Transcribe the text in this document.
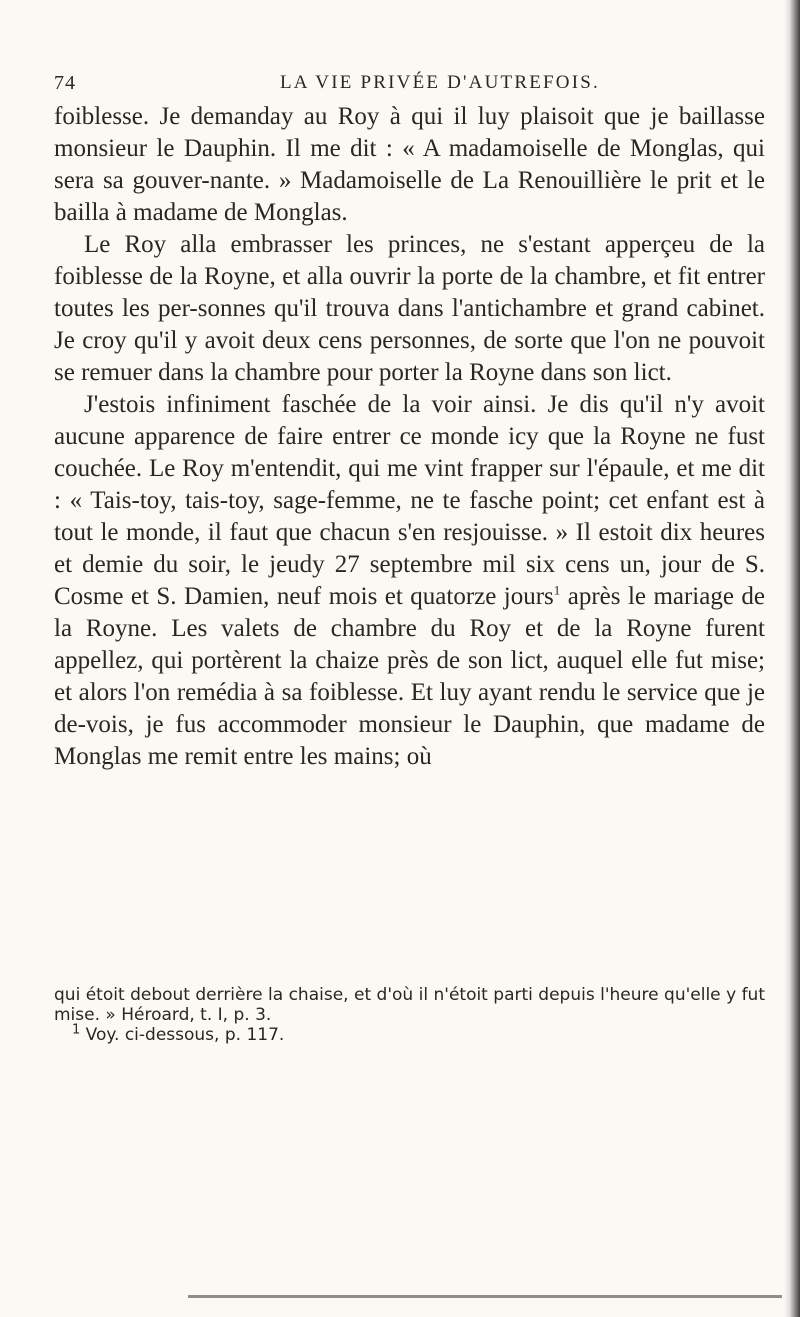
74	LA VIE PRIVÉE D'AUTREFOIS.

foiblesse. Je demanday au Roy à qui il luy plaisoit que je baillasse monsieur le Dauphin. Il me dit : « A madamoiselle de Monglas, qui sera sa gouver-nante. » Madamoiselle de La Renouillière le prit et le bailla à madame de Monglas.

Le Roy alla embrasser les princes, ne s'estant apperçeu de la foiblesse de la Royne, et alla ouvrir la porte de la chambre, et fit entrer toutes les per-sonnes qu'il trouva dans l'antichambre et grand cabinet. Je croy qu'il y avoit deux cens personnes, de sorte que l'on ne pouvoit se remuer dans la chambre pour porter la Royne dans son lict.

J'estois infiniment faschée de la voir ainsi. Je dis qu'il n'y avoit aucune apparence de faire entrer ce monde icy que la Royne ne fust couchée. Le Roy m'entendit, qui me vint frapper sur l'épaule, et me dit : « Tais-toy, tais-toy, sage-femme, ne te fasche point; cet enfant est à tout le monde, il faut que chacun s'en resjouisse. » Il estoit dix heures et demie du soir, le jeudy 27 septembre mil six cens un, jour de S. Cosme et S. Damien, neuf mois et quatorze jours$^1$ après le mariage de la Royne. Les valets de chambre du Roy et de la Royne furent appellez, qui portèrent la chaize près de son lict, auquel elle fut mise; et alors l'on remédia à sa foiblesse. Et luy ayant rendu le service que je de-vois, je fus accommoder monsieur le Dauphin, que madame de Monglas me remit entre les mains; où

qui étoit debout derrière la chaise, et d'où il n'étoit parti depuis l'heure qu'elle y fut mise. » Héroard, t. I, p. 3.

$^1$ Voy. ci-dessous, p. 117.
